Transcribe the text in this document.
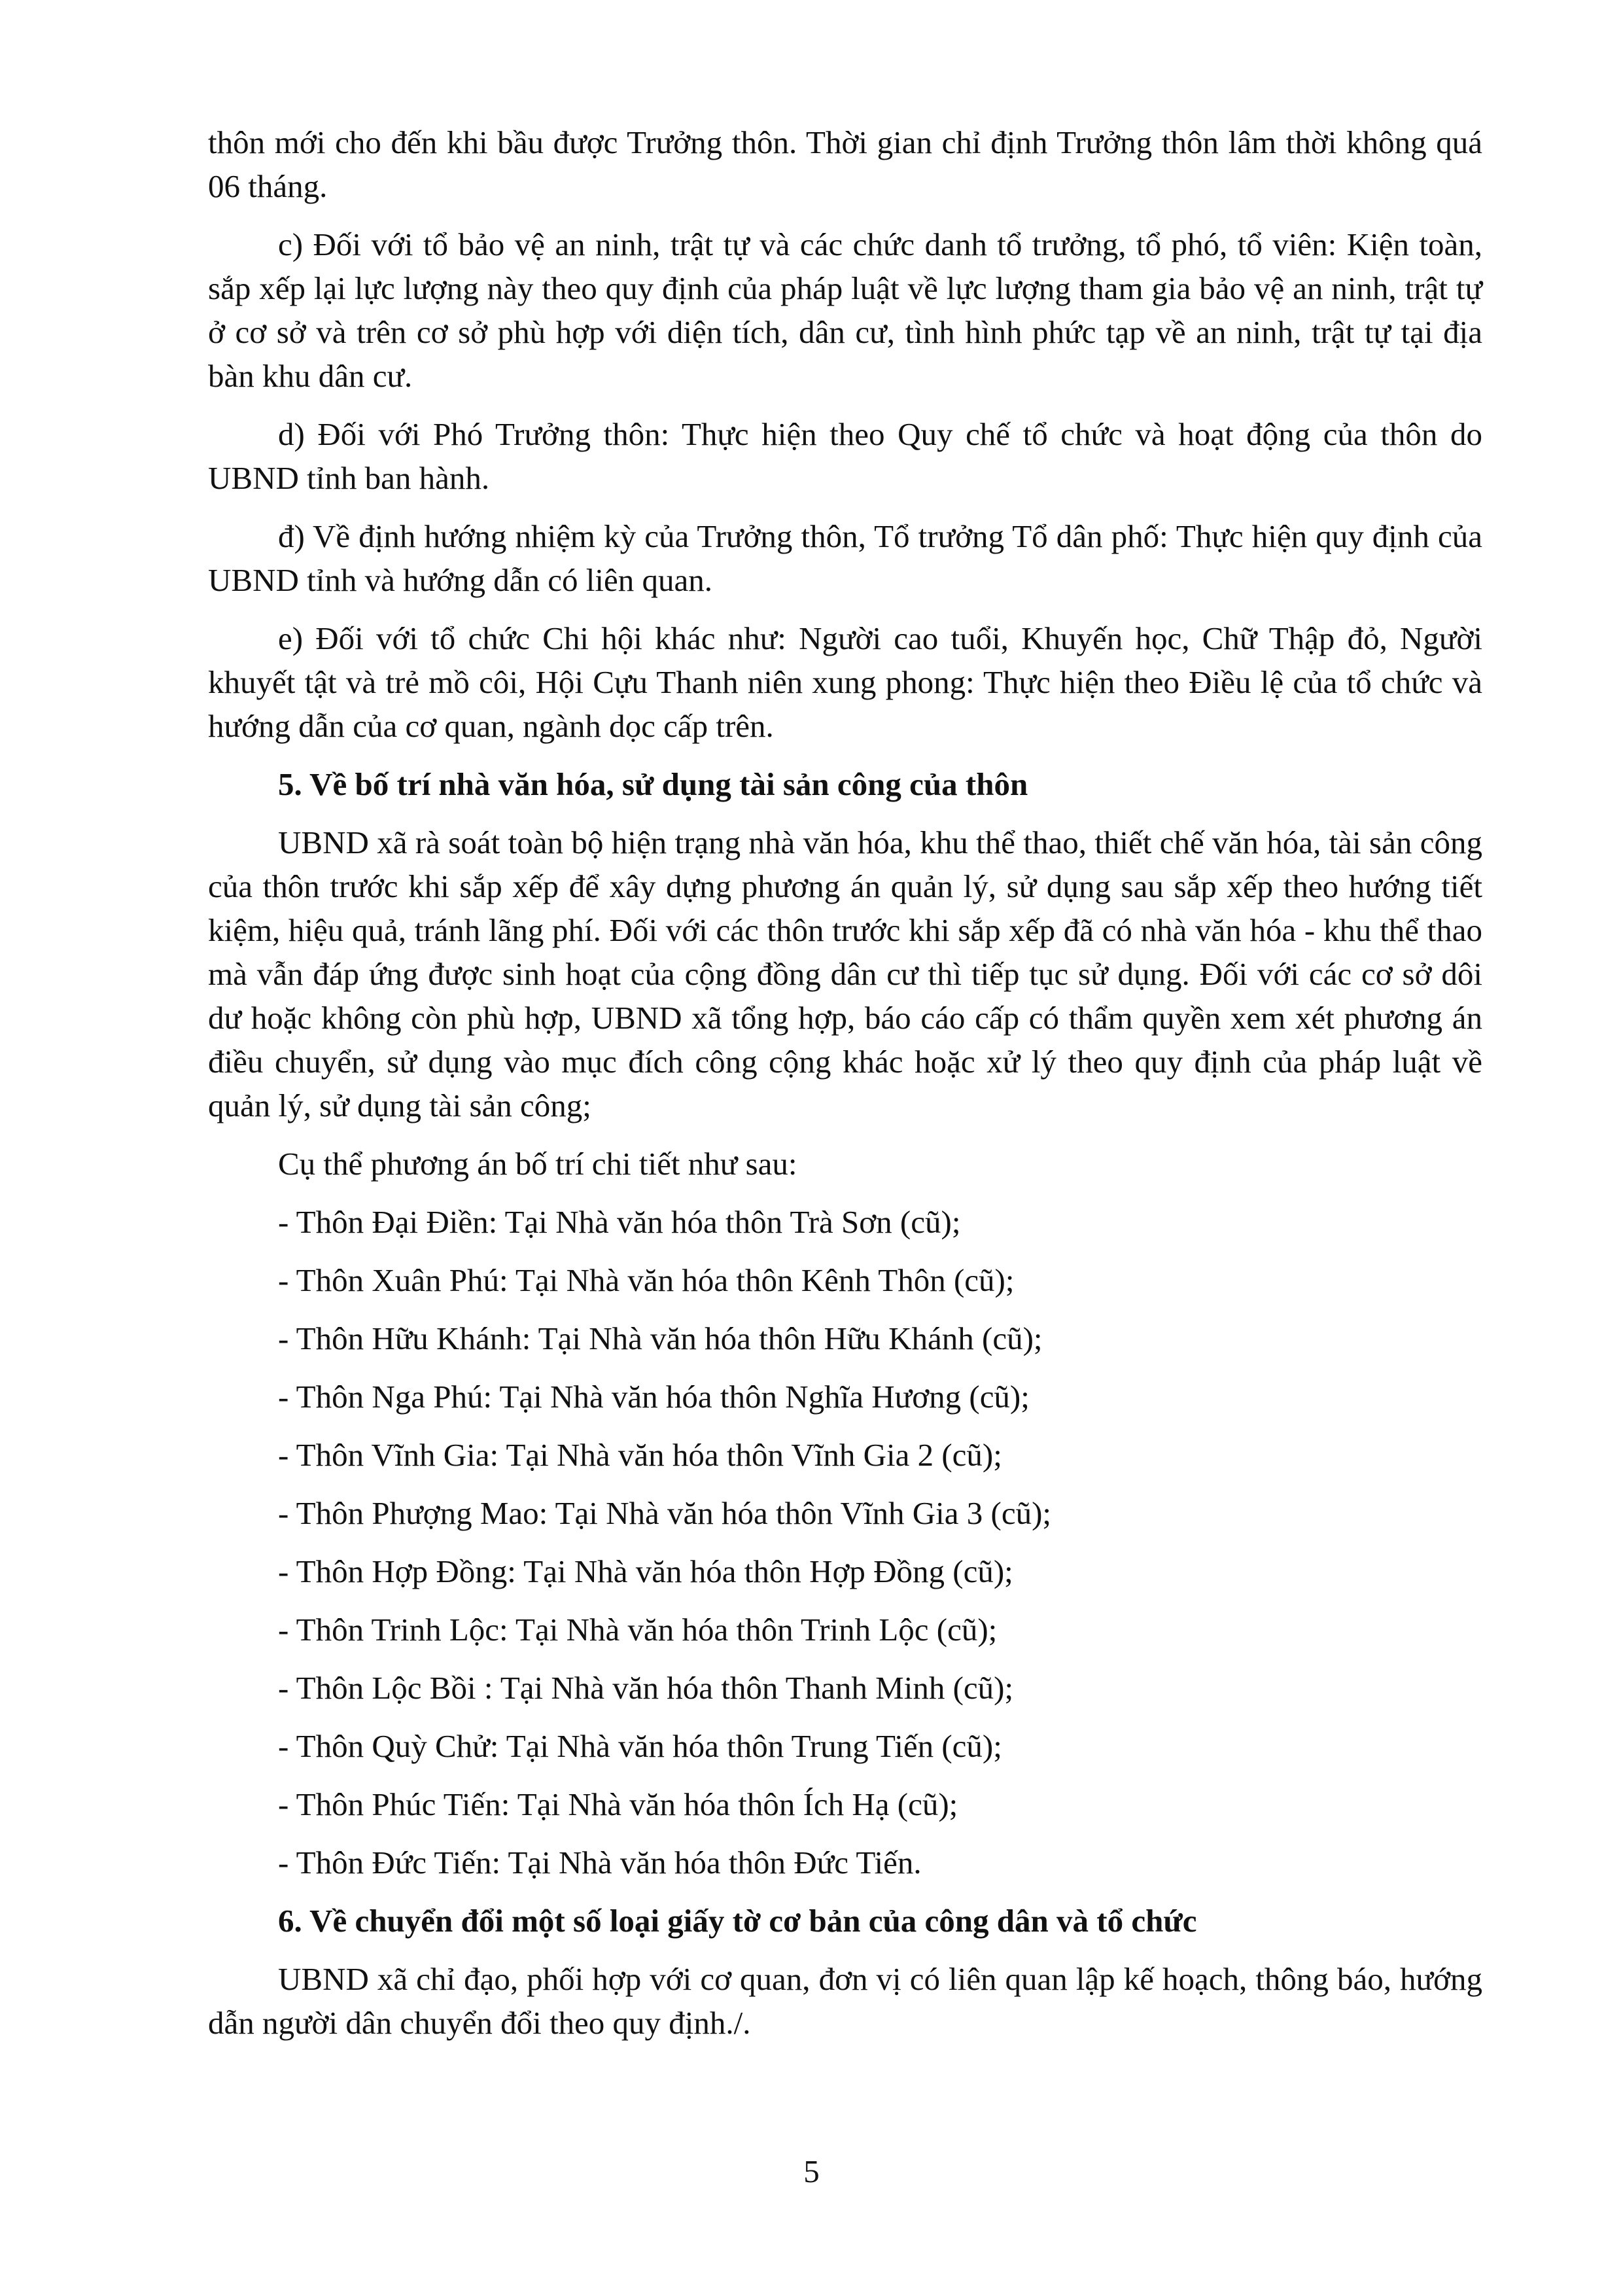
thôn mới cho đến khi bầu được Trưởng thôn. Thời gian chỉ định Trưởng thôn lâm thời không quá 06 tháng.

c) Đối với tổ bảo vệ an ninh, trật tự và các chức danh tổ trưởng, tổ phó, tổ viên: Kiện toàn, sắp xếp lại lực lượng này theo quy định của pháp luật về lực lượng tham gia bảo vệ an ninh, trật tự ở cơ sở và trên cơ sở phù hợp với diện tích, dân cư, tình hình phức tạp về an ninh, trật tự tại địa bàn khu dân cư.

d) Đối với Phó Trưởng thôn: Thực hiện theo Quy chế tổ chức và hoạt động của thôn do UBND tỉnh ban hành.

đ) Về định hướng nhiệm kỳ của Trưởng thôn, Tổ trưởng Tổ dân phố: Thực hiện quy định của UBND tỉnh và hướng dẫn có liên quan.

e) Đối với tổ chức Chi hội khác như: Người cao tuổi, Khuyến học, Chữ Thập đỏ, Người khuyết tật và trẻ mồ côi, Hội Cựu Thanh niên xung phong: Thực hiện theo Điều lệ của tổ chức và hướng dẫn của cơ quan, ngành dọc cấp trên.

5. Về bố trí nhà văn hóa, sử dụng tài sản công của thôn

UBND xã rà soát toàn bộ hiện trạng nhà văn hóa, khu thể thao, thiết chế văn hóa, tài sản công của thôn trước khi sắp xếp để xây dựng phương án quản lý, sử dụng sau sắp xếp theo hướng tiết kiệm, hiệu quả, tránh lãng phí. Đối với các thôn trước khi sắp xếp đã có nhà văn hóa - khu thể thao mà vẫn đáp ứng được sinh hoạt của cộng đồng dân cư thì tiếp tục sử dụng. Đối với các cơ sở dôi dư hoặc không còn phù hợp, UBND xã tổng hợp, báo cáo cấp có thẩm quyền xem xét phương án điều chuyển, sử dụng vào mục đích công cộng khác hoặc xử lý theo quy định của pháp luật về quản lý, sử dụng tài sản công;

Cụ thể phương án bố trí chi tiết như sau:

- Thôn Đại Điền: Tại Nhà văn hóa thôn Trà Sơn (cũ);
- Thôn Xuân Phú: Tại Nhà văn hóa thôn Kênh Thôn (cũ);
- Thôn Hữu Khánh: Tại Nhà văn hóa thôn Hữu Khánh (cũ);
- Thôn Nga Phú: Tại Nhà văn hóa thôn Nghĩa Hương (cũ);
- Thôn Vĩnh Gia: Tại Nhà văn hóa thôn Vĩnh Gia 2 (cũ);
- Thôn Phượng Mao: Tại Nhà văn hóa thôn Vĩnh Gia 3 (cũ);
- Thôn Hợp Đồng: Tại Nhà văn hóa thôn Hợp Đồng (cũ);
- Thôn Trinh Lộc: Tại Nhà văn hóa thôn Trinh Lộc (cũ);
- Thôn Lộc Bồi : Tại Nhà văn hóa thôn Thanh Minh (cũ);
- Thôn Quỳ Chử: Tại Nhà văn hóa thôn Trung Tiến (cũ);
- Thôn Phúc Tiến: Tại Nhà văn hóa thôn Ích Hạ (cũ);
- Thôn Đức Tiến: Tại Nhà văn hóa thôn Đức Tiến.
6. Về chuyển đổi một số loại giấy tờ cơ bản của công dân và tổ chức

UBND xã chỉ đạo, phối hợp với cơ quan, đơn vị có liên quan lập kế hoạch, thông báo, hướng dẫn người dân chuyển đổi theo quy định./.

5
